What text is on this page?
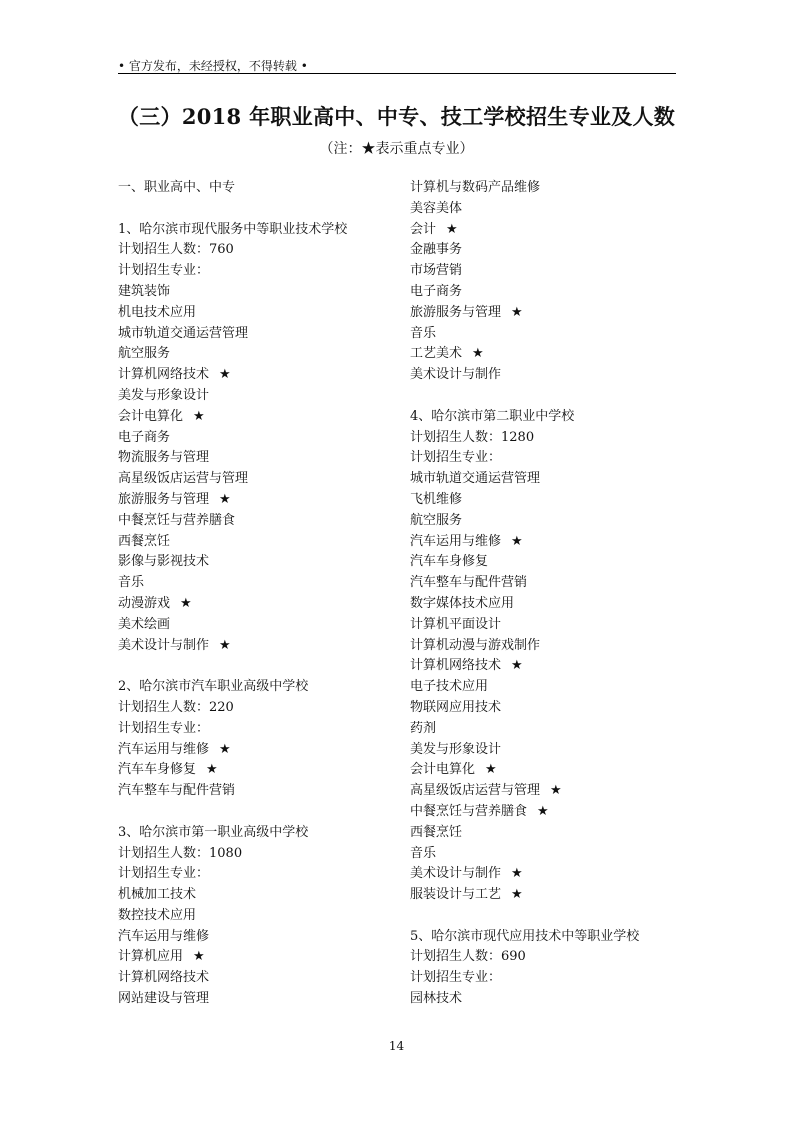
• 官方发布，未经授权，不得转载 •
（三）2018 年职业高中、中专、技工学校招生专业及人数
（注：★表示重点专业）
一、职业高中、中专
1、哈尔滨市现代服务中等职业技术学校
计划招生人数：760
计划招生专业：
建筑装饰
机电技术应用
城市轨道交通运营管理
航空服务
计算机网络技术 ★
美发与形象设计
会计电算化 ★
电子商务
物流服务与管理
高星级饭店运营与管理
旅游服务与管理 ★
中餐烹饪与营养膳食
西餐烹饪
影像与影视技术
音乐
动漫游戏 ★
美术绘画
美术设计与制作 ★
2、哈尔滨市汽车职业高级中学校
计划招生人数：220
计划招生专业：
汽车运用与维修 ★
汽车车身修复 ★
汽车整车与配件营销
3、哈尔滨市第一职业高级中学校
计划招生人数：1080
计划招生专业：
机械加工技术
数控技术应用
汽车运用与维修
计算机应用 ★
计算机网络技术
网站建设与管理
计算机与数码产品维修
美容美体
会计 ★
金融事务
市场营销
电子商务
旅游服务与管理 ★
音乐
工艺美术 ★
美术设计与制作
4、哈尔滨市第二职业中学校
计划招生人数：1280
计划招生专业：
城市轨道交通运营管理
飞机维修
航空服务
汽车运用与维修 ★
汽车车身修复
汽车整车与配件营销
数字媒体技术应用
计算机平面设计
计算机动漫与游戏制作
计算机网络技术 ★
电子技术应用
物联网应用技术
药剂
美发与形象设计
会计电算化 ★
高星级饭店运营与管理 ★
中餐烹饪与营养膳食 ★
西餐烹饪
音乐
美术设计与制作 ★
服装设计与工艺 ★
5、哈尔滨市现代应用技术中等职业学校
计划招生人数：690
计划招生专业：
园林技术
14
